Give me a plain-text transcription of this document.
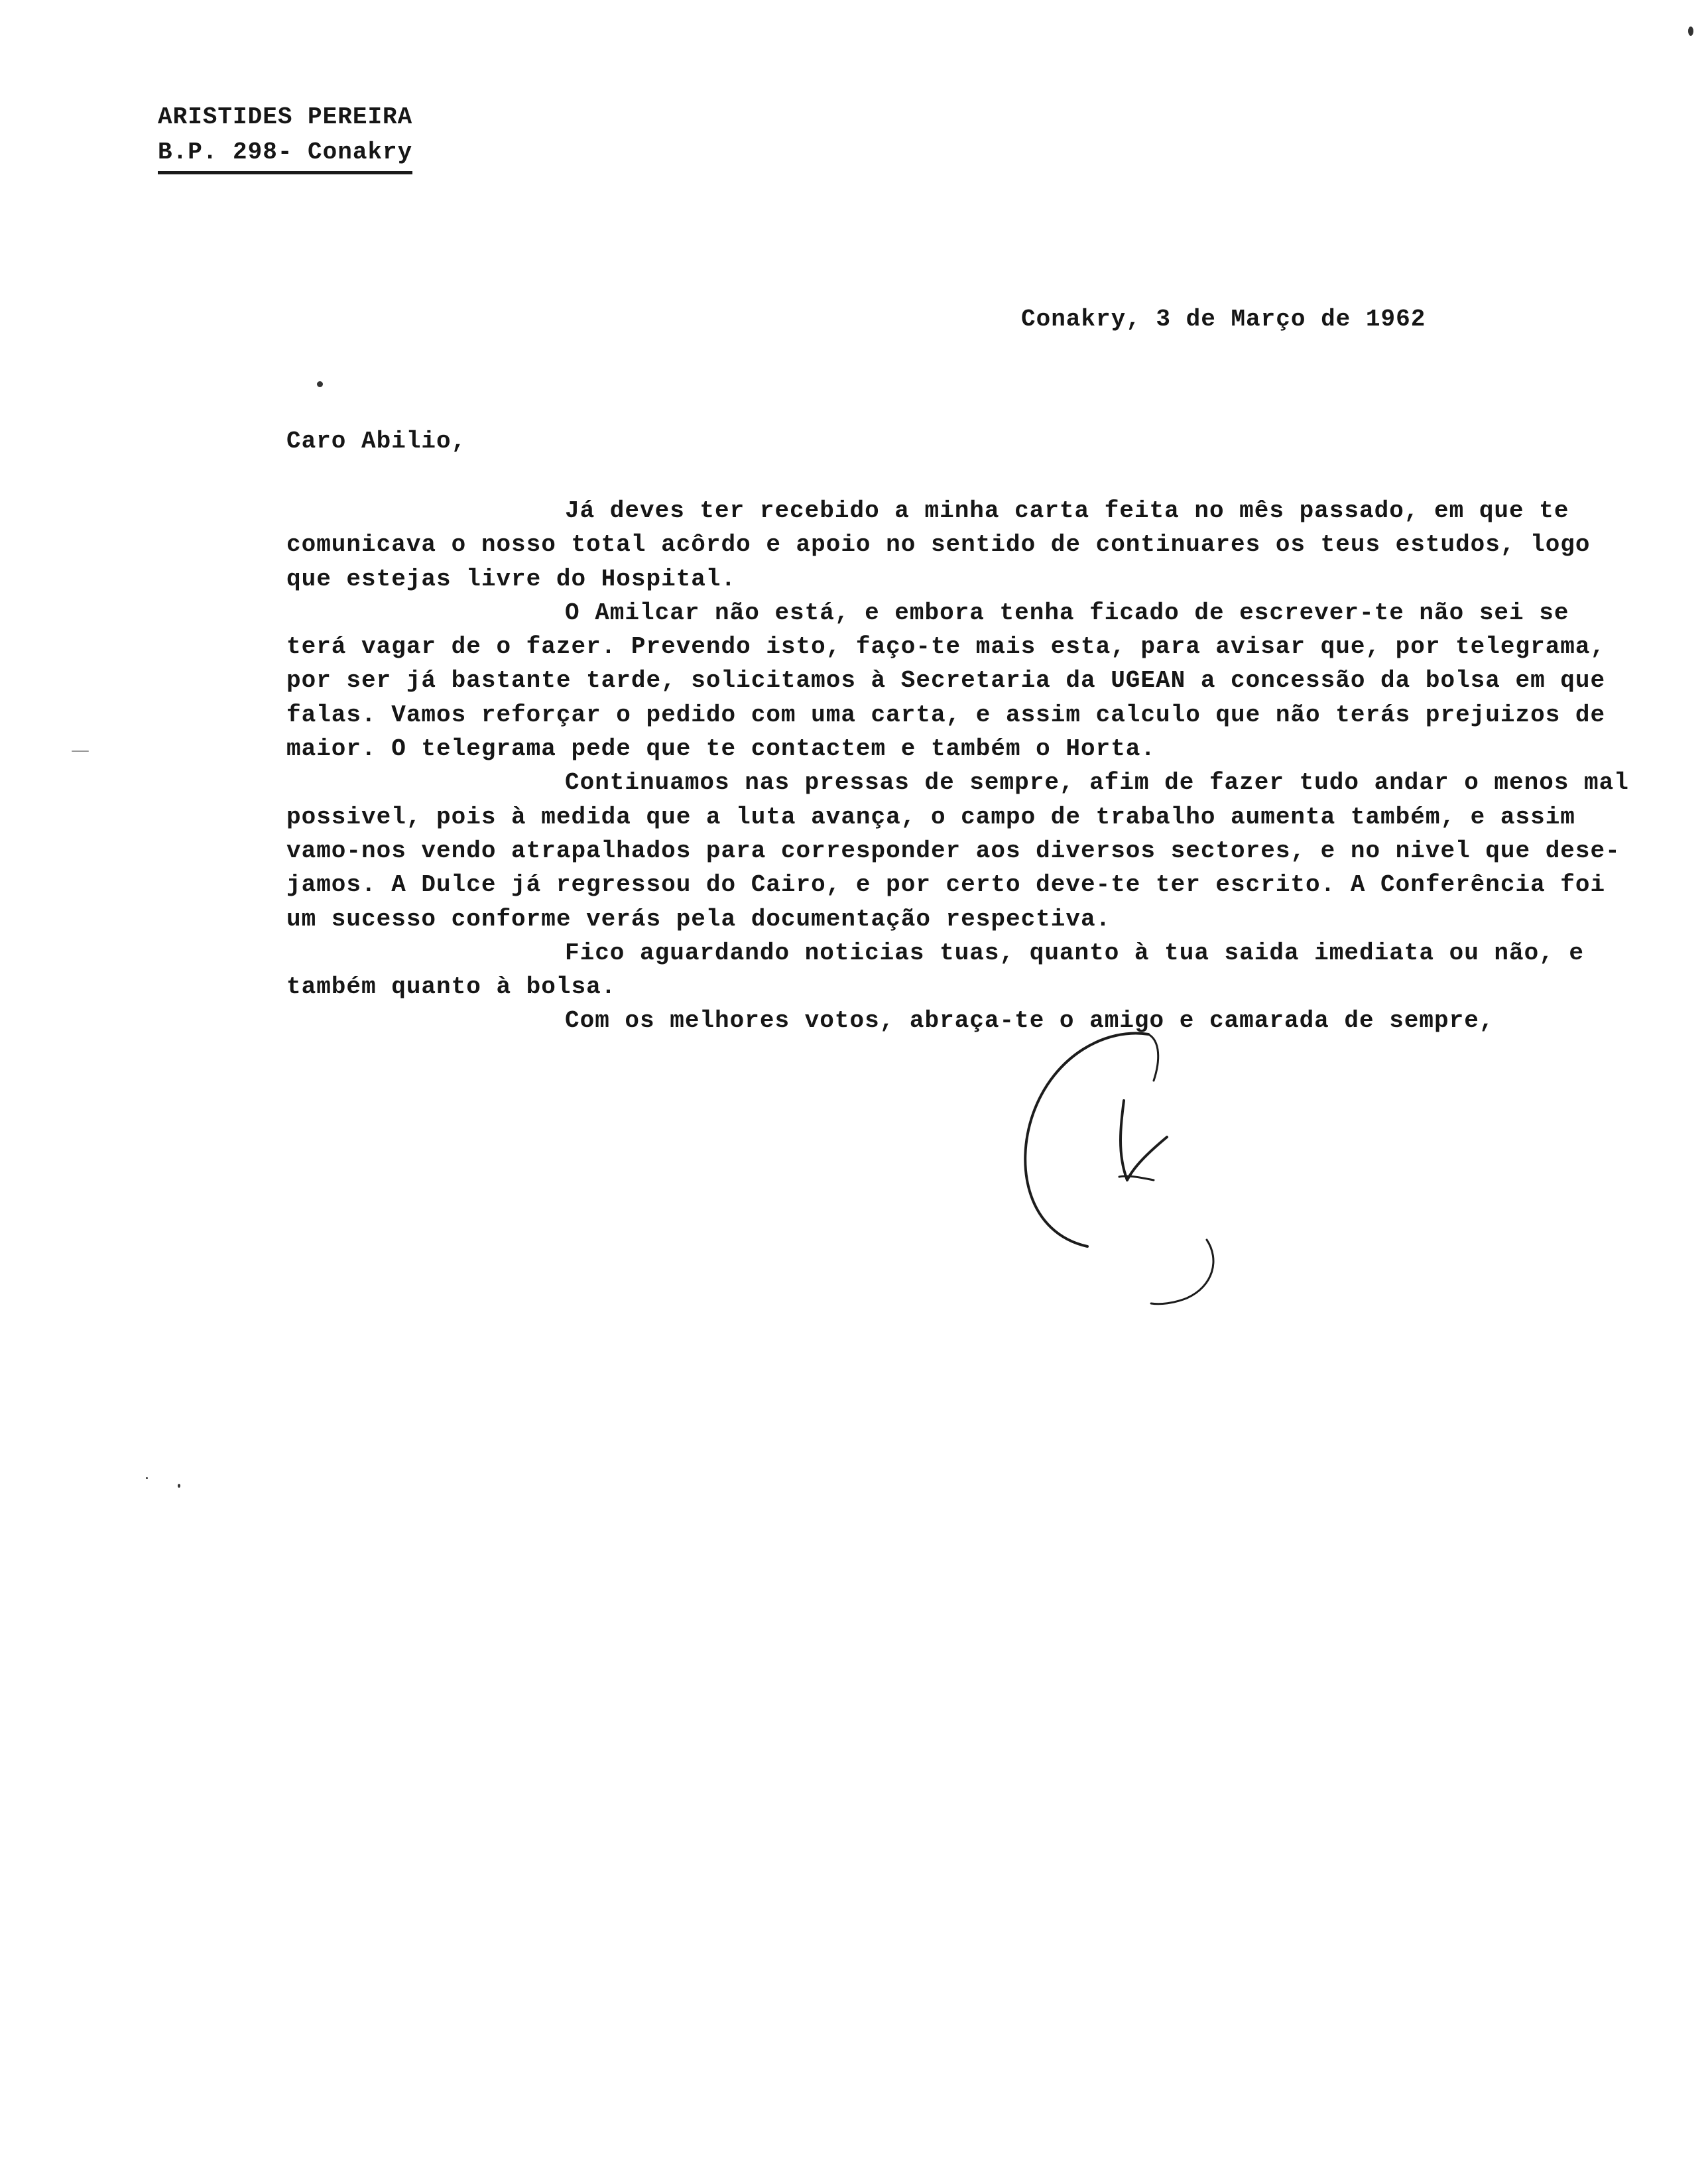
ARISTIDES PEREIRA
B.P. 298- Conakry
Conakry, 3 de Março de 1962
Caro Abilio,
Já deves ter recebido a minha carta feita no mês passado, em que te
comunicava o nosso total acôrdo e apoio no sentido de continuares os teus estudos, logo
que estejas livre do Hospital.
O Amilcar não está, e embora tenha ficado de escrever-te não sei se
terá vagar de o fazer. Prevendo isto, faço-te mais esta, para avisar que, por telegrama,
por ser já bastante tarde, solicitamos à Secretaria da UGEAN a concessão da bolsa em que
falas. Vamos reforçar o pedido com uma carta, e assim calculo que não terás prejuizos de
maior. O telegrama pede que te contactem e também o Horta.
Continuamos nas pressas de sempre, afim de fazer tudo andar o menos mal
possivel, pois à medida que a luta avança, o campo de trabalho aumenta também, e assim
vamo-nos vendo atrapalhados para corresponder aos diversos sectores, e no nivel que dese-
jamos. A Dulce já regressou do Cairo, e por certo deve-te ter escrito. A Conferência foi
um sucesso conforme verás pela documentação respectiva.
Fico aguardando noticias tuas, quanto à tua saida imediata ou não, e
também quanto à bolsa.
Com os melhores votos, abraça-te o amigo e camarada de sempre,
